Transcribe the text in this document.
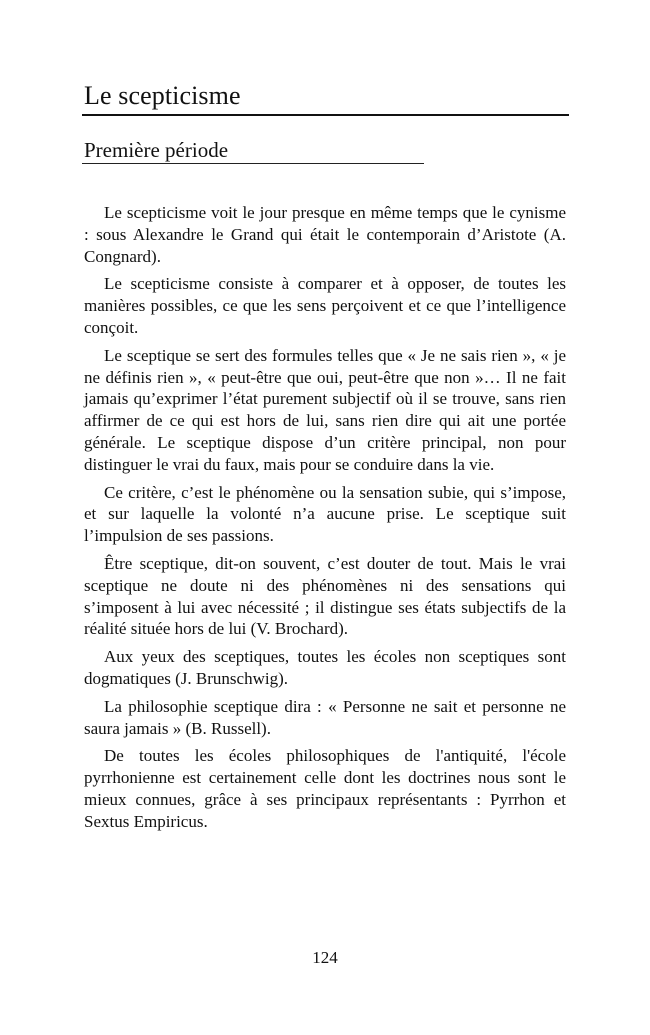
Le scepticisme
Première période

Le scepticisme voit le jour presque en même temps que le cynisme : sous Alexandre le Grand qui était le contemporain d’Aristote (A. Congnard).

Le scepticisme consiste à comparer et à opposer, de toutes les manières possibles, ce que les sens perçoivent et ce que l’intelligence conçoit.

Le sceptique se sert des formules telles que « Je ne sais rien », « je ne définis rien », « peut-être que oui, peut-être que non »… Il ne fait jamais qu’exprimer l’état purement subjectif où il se trouve, sans rien affirmer de ce qui est hors de lui, sans rien dire qui ait une portée générale. Le sceptique dispose d’un critère principal, non pour distinguer le vrai du faux, mais pour se conduire dans la vie.

Ce critère, c’est le phénomène ou la sensation subie, qui s’impose, et sur laquelle la volonté n’a aucune prise. Le sceptique suit l’impulsion de ses passions.

Être sceptique, dit-on souvent, c’est douter de tout. Mais le vrai sceptique ne doute ni des phénomènes ni des sensations qui s’imposent à lui avec nécessité ; il distingue ses états subjectifs de la réalité située hors de lui (V. Brochard).

Aux yeux des sceptiques, toutes les écoles non sceptiques sont dogmatiques (J. Brunschwig).

La philosophie sceptique dira : « Personne ne sait et personne ne saura jamais » (B. Russell).

De toutes les écoles philosophiques de l'antiquité, l'école pyrrhonienne est certainement celle dont les doctrines nous sont le mieux connues, grâce à ses principaux représentants : Pyrrhon et Sextus Empiricus.

124
